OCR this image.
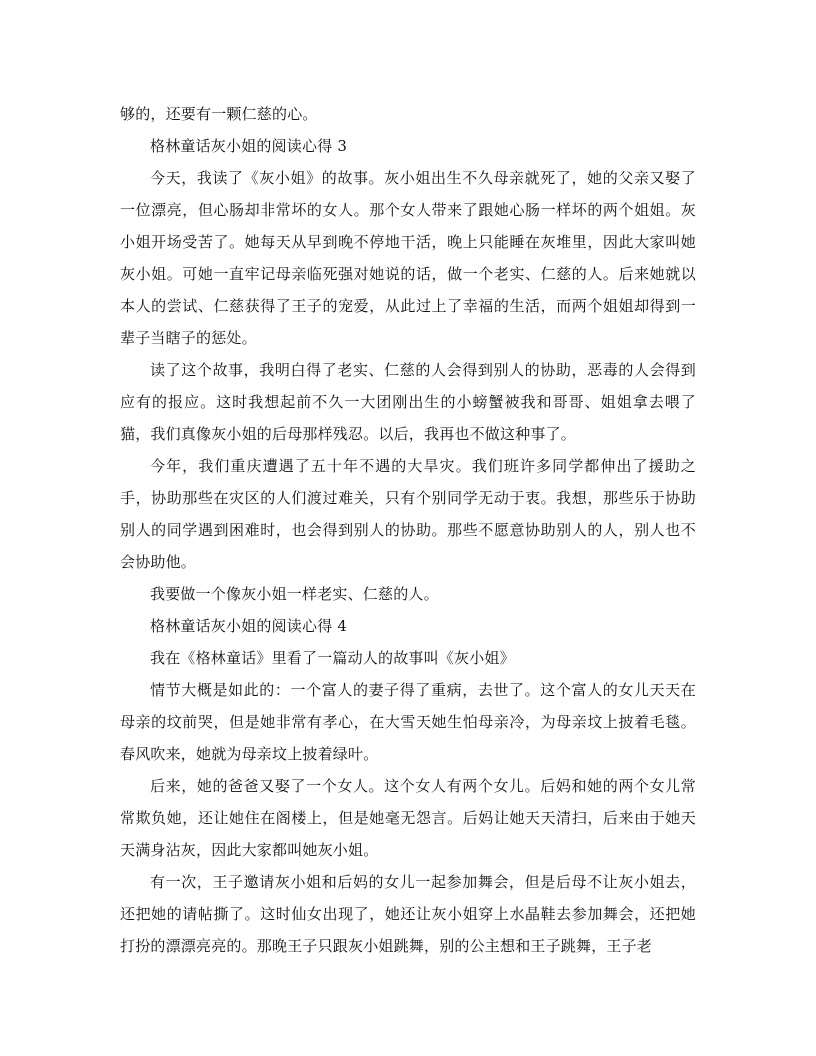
够的，还要有一颗仁慈的心。

格林童话灰小姐的阅读心得 3

今天，我读了《灰小姐》的故事。灰小姐出生不久母亲就死了，她的父亲又娶了一位漂亮，但心肠却非常坏的女人。那个女人带来了跟她心肠一样坏的两个姐姐。灰小姐开场受苦了。她每天从早到晚不停地干活，晚上只能睡在灰堆里，因此大家叫她灰小姐。可她一直牢记母亲临死强对她说的话，做一个老实、仁慈的人。后来她就以本人的尝试、仁慈获得了王子的宠爱，从此过上了幸福的生活，而两个姐姐却得到一辈子当瞎子的惩处。

读了这个故事，我明白得了老实、仁慈的人会得到别人的协助，恶毒的人会得到应有的报应。这时我想起前不久一大团刚出生的小螃蟹被我和哥哥、姐姐拿去喂了猫，我们真像灰小姐的后母那样残忍。以后，我再也不做这种事了。

今年，我们重庆遭遇了五十年不遇的大旱灾。我们班许多同学都伸出了援助之手，协助那些在灾区的人们渡过难关，只有个别同学无动于衷。我想，那些乐于协助别人的同学遇到困难时，也会得到别人的协助。那些不愿意协助别人的人，别人也不会协助他。

我要做一个像灰小姐一样老实、仁慈的人。

格林童话灰小姐的阅读心得 4

我在《格林童话》里看了一篇动人的故事叫《灰小姐》

情节大概是如此的：一个富人的妻子得了重病，去世了。这个富人的女儿天天在母亲的坟前哭，但是她非常有孝心，在大雪天她生怕母亲冷，为母亲坟上披着毛毯。春风吹来，她就为母亲坟上披着绿叶。

后来，她的爸爸又娶了一个女人。这个女人有两个女儿。后妈和她的两个女儿常常欺负她，还让她住在阁楼上，但是她毫无怨言。后妈让她天天清扫，后来由于她天天满身沾灰，因此大家都叫她灰小姐。

有一次，王子邀请灰小姐和后妈的女儿一起参加舞会，但是后母不让灰小姐去，还把她的请帖撕了。这时仙女出现了，她还让灰小姐穿上水晶鞋去参加舞会，还把她打扮的漂漂亮亮的。那晚王子只跟灰小姐跳舞，别的公主想和王子跳舞，王子老
